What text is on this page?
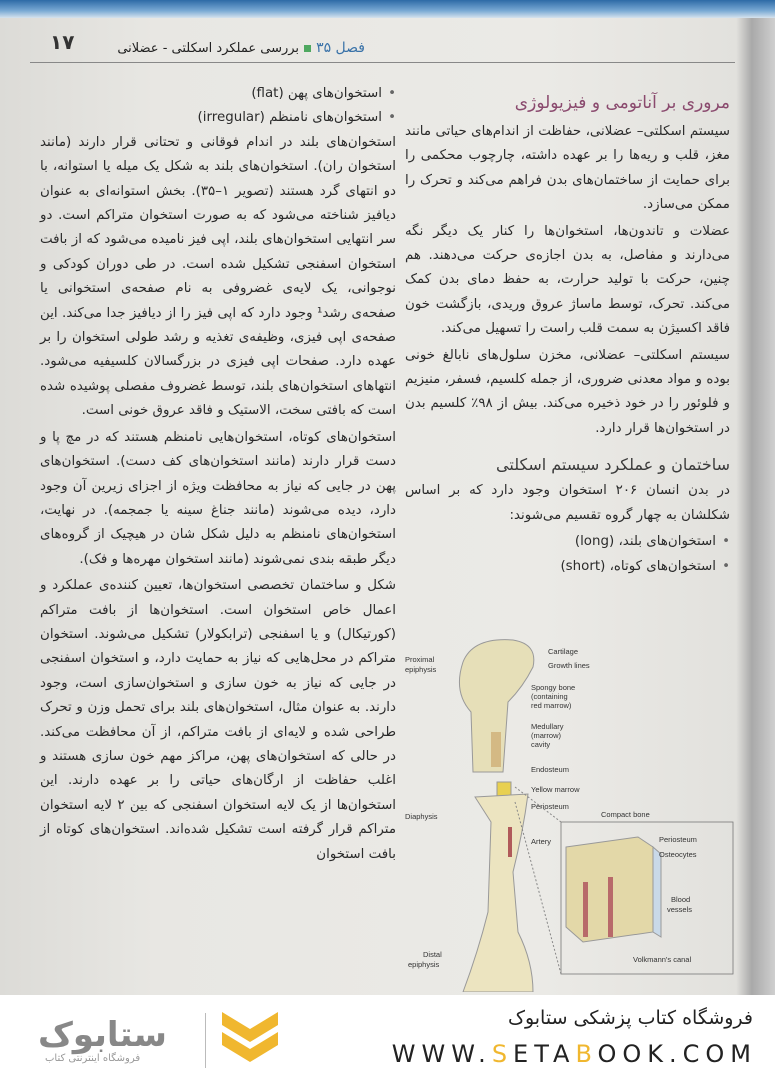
۱۷	فصل ۳۵
بررسی عملکرد اسکلتی - عضلانی
• استخوان‌های پهن (flat)
• استخوان‌های نامنظم (irregular)

استخوان‌های بلند در اندام فوقانی و تحتانی قرار دارند (مانند استخوان ران). استخوان‌های بلند به شکل یک میله یا استوانه، با دو انتهای گرد هستند (تصویر ۱–۳۵). بخش استوانه‌ای به عنوان دیافیز شناخته می‌شود که به صورت استخوان متراکم است. دو سر انتهایی استخوان‌های بلند، اپی فیز نامیده می‌شود که از بافت استخوان اسفنجی تشکیل شده است. در طی دوران کودکی و نوجوانی، یک لایه‌ی غضروفی به نام صفحه‌ی استخوانی یا صفحه‌ی رشد¹ وجود دارد که اپی فیز را از دیافیز جدا می‌کند. این صفحه‌ی اپی فیزی، وظیفه‌ی تغذیه و رشد طولی استخوان را بر عهده دارد. صفحات اپی فیزی در بزرگسالان کلسیفیه می‌شود. انتهاهای استخوان‌های بلند، توسط غضروف مفصلی پوشیده شده است که بافتی سخت، الاستیک و فاقد عروق خونی است.

استخوان‌های کوتاه، استخوان‌هایی نامنظم هستند که در مچ پا و دست قرار دارند (مانند استخوان‌های کف دست). استخوان‌های پهن در جایی که نیاز به محافظت ویژه از اجزای زیرین آن وجود دارد، دیده می‌شوند (مانند جناغ سینه یا جمجمه). در نهایت، استخوان‌های نامنظم به دلیل شکل شان در هیچیک از گروه‌های دیگر طبقه بندی نمی‌شوند (مانند استخوان مهره‌ها و فک).

شکل و ساختمان تخصصی استخوان‌ها، تعیین کننده‌ی عملکرد و اعمال خاص استخوان است. استخوان‌ها از بافت متراکم (کورتیکال) و یا اسفنجی (ترابکولار) تشکیل می‌شوند. استخوان متراکم در محل‌هایی که نیاز به حمایت دارد، و استخوان اسفنجی در جایی که نیاز به خون سازی و استخوان‌سازی است، وجود دارند. به عنوان مثال، استخوان‌های بلند برای تحمل وزن و تحرک طراحی شده و لایه‌ای از بافت متراکم، از آن محافظت می‌کند. در حالی که استخوان‌های پهن، مراکز مهم خون سازی هستند و اغلب حفاظت از ارگان‌های حیاتی را بر عهده دارند. این استخوان‌ها از یک لایه استخوان اسفنجی که بین ۲ لایه استخوان متراکم قرار گرفته است تشکیل شده‌اند. استخوان‌های کوتاه از بافت استخوان

مروری بر آناتومی و فیزیولوژی

سیستم اسکلتی– عضلانی، حفاظت از اندام‌های حیاتی مانند مغز، قلب و ریه‌ها را بر عهده داشته، چارچوب محکمی را برای حمایت از ساختمان‌های بدن فراهم می‌کند و تحرک را ممکن می‌سازد.

عضلات و تاندون‌ها، استخوان‌ها را کنار یک دیگر نگه می‌دارند و مفاصل، به بدن اجازه‌ی حرکت می‌دهند. هم چنین، حرکت با تولید حرارت، به حفظ دمای بدن کمک می‌کند. تحرک، توسط ماساژ عروق وریدی، بازگشت خون فاقد اکسیژن به سمت قلب راست را تسهیل می‌کند.

سیستم اسکلتی– عضلانی، مخزن سلول‌های نابالغ خونی بوده و مواد معدنی ضروری، از جمله کلسیم، فسفر، منیزیم و فلوئور را در خود ذخیره می‌کند. بیش از ۹۸٪ کلسیم بدن در استخوان‌ها قرار دارد.

ساختمان و عملکرد سیستم اسکلتی

در بدن انسان ۲۰۶ استخوان وجود دارد که بر اساس شکلشان به چهار گروه تقسیم می‌شوند:

• استخوان‌های بلند، (long)
• استخوان‌های کوتاه، (short)
Proximal
epiphysis
Cartilage
Growth lines
Spongy bone
(containing
red marrow)
Medullary
(marrow)
cavity
Endosteum
Yellow marrow
Periosteum
Diaphysis
Artery
Compact bone
Periosteum
Osteocytes
Blood
vessels
Volkmann's canal
Distal
epiphysis
ستابوک
فروشگاه اینترنتی کتاب
فروشگاه کتاب پزشکی ستابوک
WWW.SETABOOK.COM
